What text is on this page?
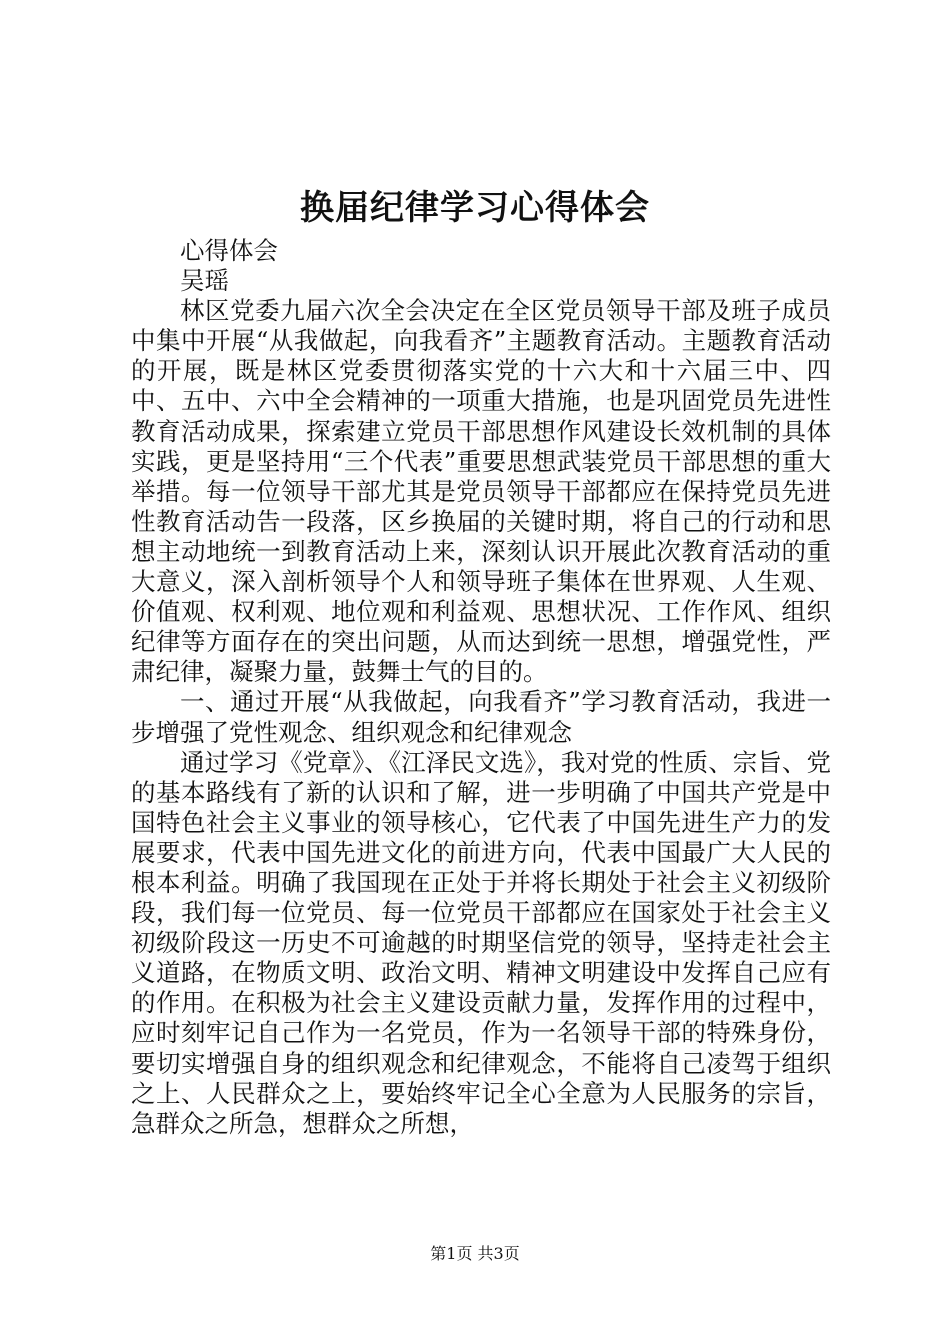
换届纪律学习心得体会

心得体会

吴瑶

林区党委九届六次全会决定在全区党员领导干部及班子成员中集中开展“从我做起，向我看齐”主题教育活动。主题教育活动的开展，既是林区党委贯彻落实党的十六大和十六届三中、四中、五中、六中全会精神的一项重大措施，也是巩固党员先进性教育活动成果，探索建立党员干部思想作风建设长效机制的具体实践，更是坚持用“三个代表”重要思想武装党员干部思想的重大举措。每一位领导干部尤其是党员领导干部都应在保持党员先进性教育活动告一段落，区乡换届的关键时期，将自己的行动和思想主动地统一到教育活动上来，深刻认识开展此次教育活动的重大意义，深入剖析领导个人和领导班子集体在世界观、人生观、价值观、权利观、地位观和利益观、思想状况、工作作风、组织纪律等方面存在的突出问题，从而达到统一思想，增强党性，严肃纪律，凝聚力量，鼓舞士气的目的。

一、通过开展“从我做起，向我看齐”学习教育活动，我进一步增强了党性观念、组织观念和纪律观念

通过学习《党章》、《江泽民文选》，我对党的性质、宗旨、党的基本路线有了新的认识和了解，进一步明确了中国共产党是中国特色社会主义事业的领导核心，它代表了中国先进生产力的发展要求，代表中国先进文化的前进方向，代表中国最广大人民的根本利益。明确了我国现在正处于并将长期处于社会主义初级阶段，我们每一位党员、每一位党员干部都应在国家处于社会主义初级阶段这一历史不可逾越的时期坚信党的领导，坚持走社会主义道路，在物质文明、政治文明、精神文明建设中发挥自己应有的作用。在积极为社会主义建设贡献力量，发挥作用的过程中，应时刻牢记自己作为一名党员，作为一名领导干部的特殊身份，要切实增强自身的组织观念和纪律观念，不能将自己凌驾于组织之上、人民群众之上，要始终牢记全心全意为人民服务的宗旨，急群众之所急，想群众之所想，

第1页 共3页
